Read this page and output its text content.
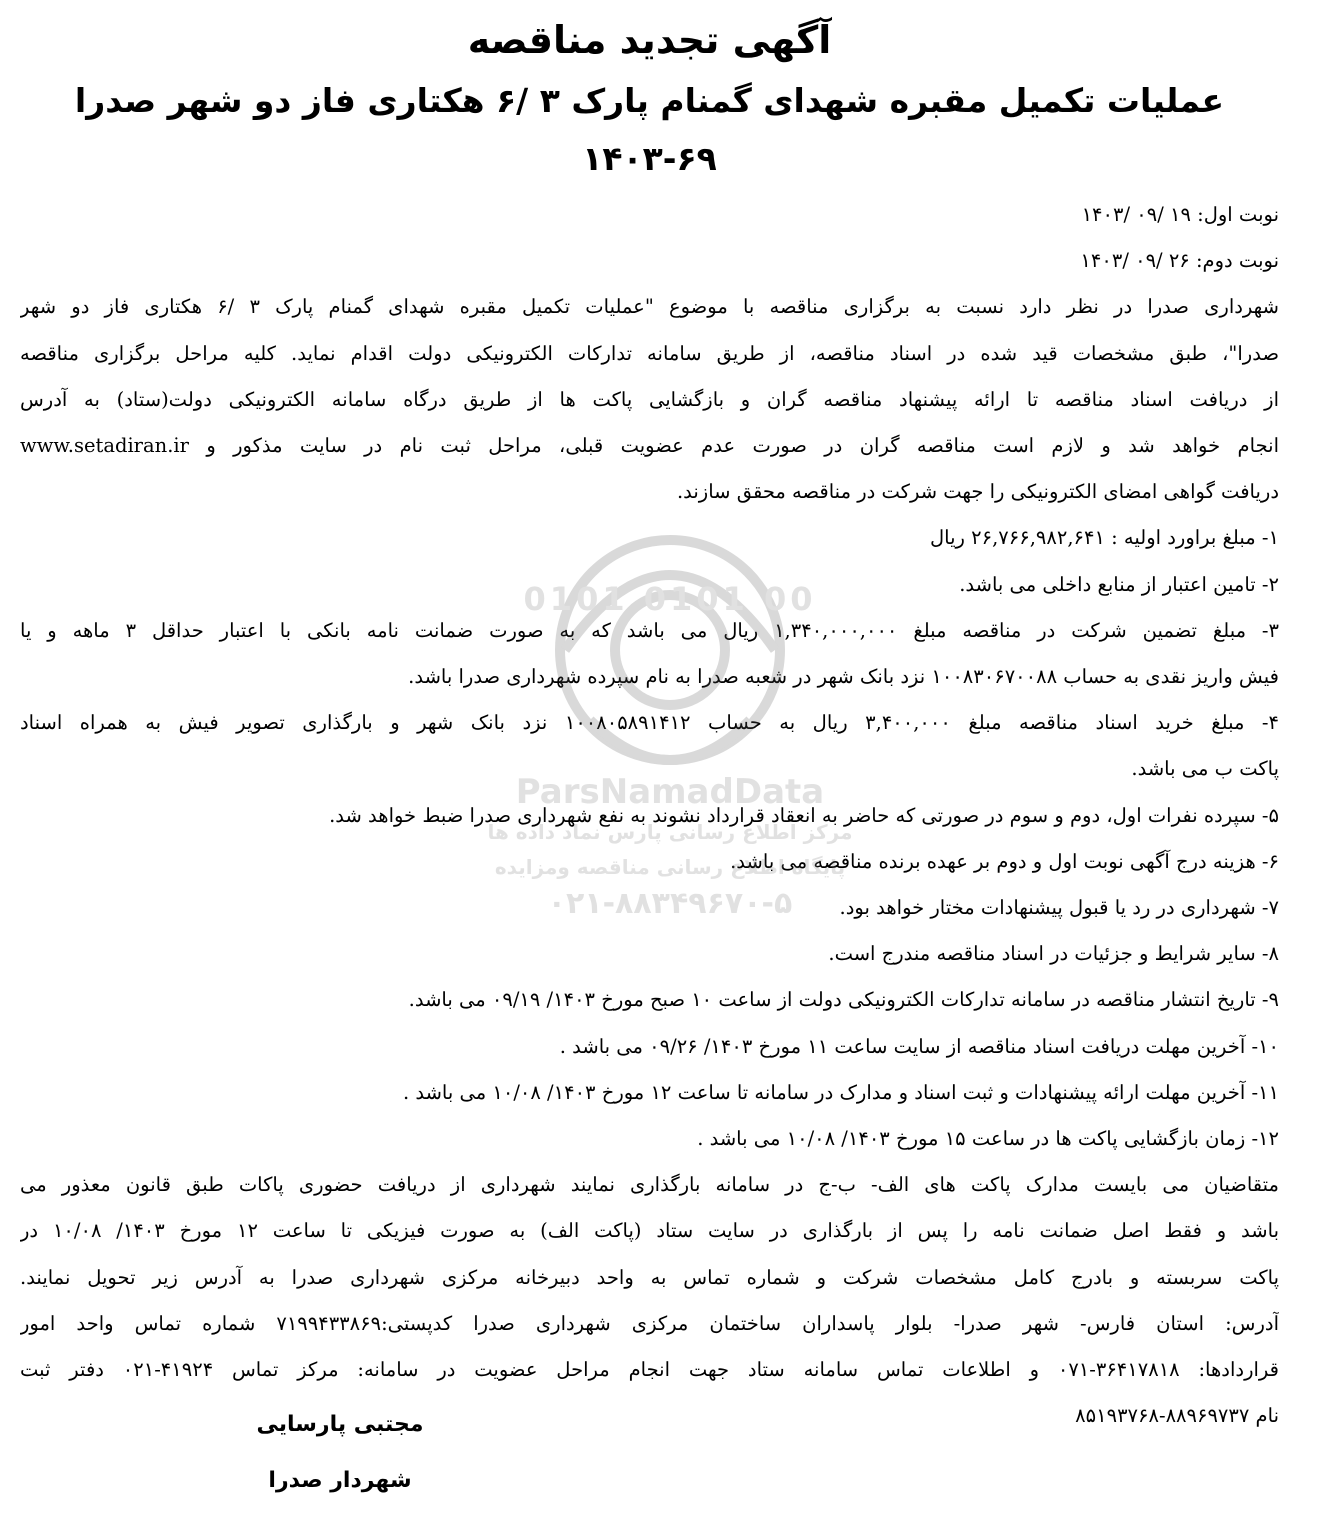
آگهی تجدید مناقصه
عملیات تکمیل مقبره شهدای گمنام پارک ۳ /۶ هکتاری فاز دو شهر صدرا ۶۹-۱۴۰۳
نوبت اول: ۱۹ /۰۹ /۱۴۰۳
نوبت دوم: ۲۶ /۰۹ /۱۴۰۳
شهرداری صدرا در نظر دارد نسبت به برگزاری مناقصه با موضوع "عملیات تکمیل مقبره شهدای گمنام پارک ۳ /۶ هکتاری فاز دو شهر
صدرا"، طبق مشخصات قید شده در اسناد مناقصه، از طریق سامانه تدارکات الکترونیکی دولت اقدام نماید. کلیه مراحل برگزاری مناقصه
از دریافت اسناد مناقصه تا ارائه پیشنهاد مناقصه گران و بازگشایی پاکت ها از طریق درگاه سامانه الکترونیکی دولت(ستاد) به آدرس
انجام خواهد شد و لازم است مناقصه گران در صورت عدم عضویت قبلی، مراحل ثبت نام در سایت مذکور و www.setadiran.ir
دریافت گواهی امضای الکترونیکی را جهت شرکت در مناقصه محقق سازند.
۱- مبلغ براورد اولیه : ۲۶,۷۶۶,۹۸۲,۶۴۱ ریال
۲- تامین اعتبار از منابع داخلی می باشد.
۳- مبلغ تضمین شرکت در مناقصه مبلغ ۱,۳۴۰,۰۰۰,۰۰۰ ریال می باشد که به صورت ضمانت نامه بانکی با اعتبار حداقل ۳ ماهه و یا
فیش واریز نقدی به حساب ۱۰۰۸۳۰۶۷۰۰۸۸ نزد بانک شهر در شعبه صدرا به نام سپرده شهرداری صدرا باشد.
۴- مبلغ خرید اسناد مناقصه مبلغ ۳,۴۰۰,۰۰۰ ریال به حساب ۱۰۰۸۰۵۸۹۱۴۱۲ نزد بانک شهر و بارگذاری تصویر فیش به همراه اسناد
پاکت ب می باشد.
۵- سپرده نفرات اول، دوم و سوم در صورتی که حاضر به انعقاد قرارداد نشوند به نفع شهرداری صدرا ضبط خواهد شد.
۶- هزینه درج آگهی نوبت اول و دوم بر عهده برنده مناقصه می باشد.
۷- شهرداری در رد یا قبول پیشنهادات مختار خواهد بود.
۸- سایر شرایط و جزئیات در اسناد مناقصه مندرج است.
۹- تاریخ انتشار مناقصه در سامانه تدارکات الکترونیکی دولت از ساعت ۱۰ صبح مورخ ۱۴۰۳/ ۰۹/۱۹ می باشد.
۱۰- آخرین مهلت دریافت اسناد مناقصه از سایت ساعت ۱۱ مورخ ۱۴۰۳/ ۰۹/۲۶ می باشد .
۱۱- آخرین مهلت ارائه پیشنهادات و ثبت اسناد و مدارک در سامانه تا ساعت ۱۲ مورخ ۱۴۰۳/ ۱۰/۰۸ می باشد .
۱۲- زمان بازگشایی پاکت ها در ساعت ۱۵ مورخ ۱۴۰۳/ ۱۰/۰۸ می باشد .
متقاضیان می بایست مدارک پاکت های الف- ب-ج در سامانه بارگذاری نمایند شهرداری از دریافت حضوری پاکات طبق قانون معذور می
باشد و فقط اصل ضمانت نامه را پس از بارگذاری در سایت ستاد (پاکت الف) به صورت فیزیکی تا ساعت ۱۲ مورخ ۱۴۰۳/ ۱۰/۰۸ در
پاکت سربسته و بادرج کامل مشخصات شرکت و شماره تماس به واحد دبیرخانه مرکزی شهرداری صدرا به آدرس زیر تحویل نمایند.
آدرس: استان فارس- شهر صدرا- بلوار پاسداران ساختمان مرکزی شهرداری صدرا کدپستی:۷۱۹۹۴۳۳۸۶۹ شماره تماس واحد امور
قراردادها: ۳۶۴۱۷۸۱۸-۰۷۱ و اطلاعات تماس سامانه ستاد جهت انجام مراحل عضویت در سامانه: مرکز تماس ۴۱۹۲۴-۰۲۱ دفتر ثبت
نام ۸۸۹۶۹۷۳۷-۸۵۱۹۳۷۶۸
مجتبی پارسایی
شهردار صدرا
0101 0101 00
ParsNamadData
مرکز اطلاع رسانی پارس نماد داده ها
پایگاه اطلاع رسانی مناقصه ومزایده
۰۲۱-۸۸۳۴۹۶۷۰-۵
